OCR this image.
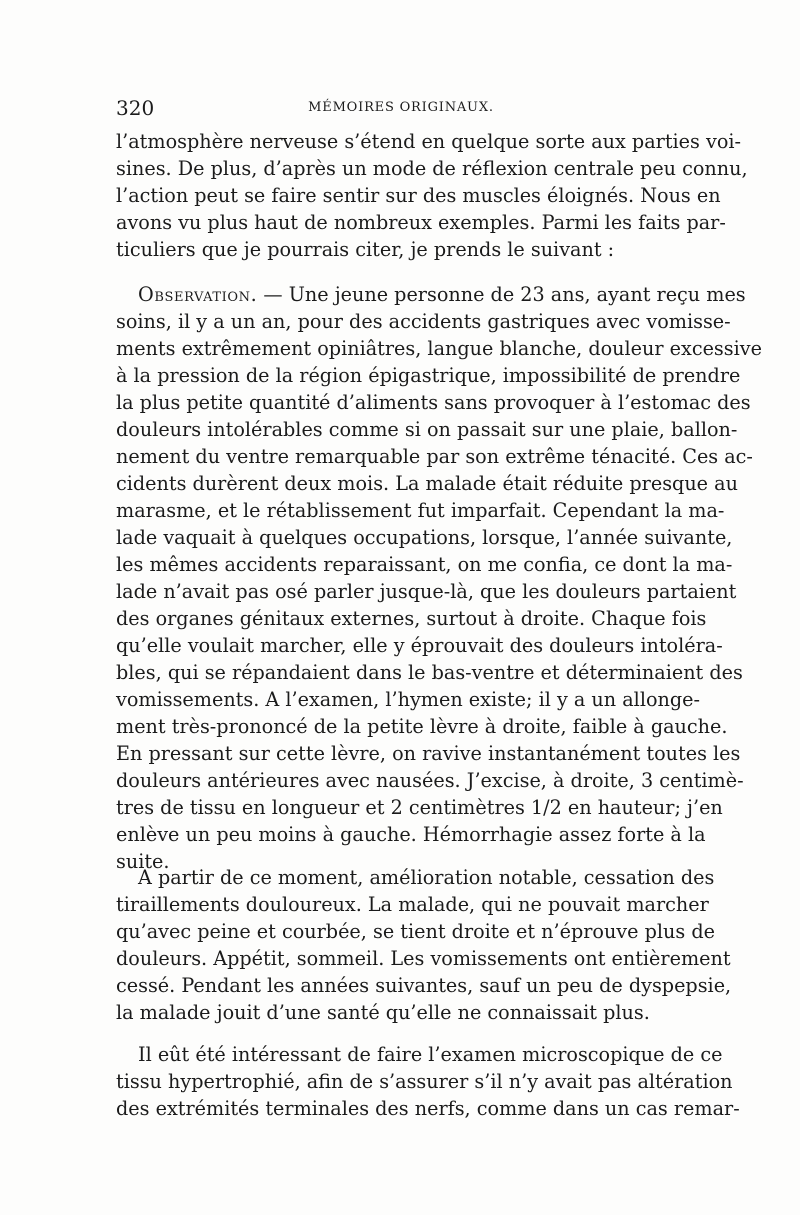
320	MÉMOIRES ORIGINAUX.
l’atmosphère nerveuse s’étend en quelque sorte aux parties voi-
sines. De plus, d’après un mode de réflexion centrale peu connu,
l’action peut se faire sentir sur des muscles éloignés. Nous en
avons vu plus haut de nombreux exemples. Parmi les faits par-
ticuliers que je pourrais citer, je prends le suivant :
Observation. — Une jeune personne de 23 ans, ayant reçu mes
soins, il y a un an, pour des accidents gastriques avec vomisse-
ments extrêmement opiniâtres, langue blanche, douleur excessive
à la pression de la région épigastrique, impossibilité de prendre
la plus petite quantité d’aliments sans provoquer à l’estomac des
douleurs intolérables comme si on passait sur une plaie, ballon-
nement du ventre remarquable par son extrême ténacité. Ces ac-
cidents durèrent deux mois. La malade était réduite presque au
marasme, et le rétablissement fut imparfait. Cependant la ma-
lade vaquait à quelques occupations, lorsque, l’année suivante,
les mêmes accidents reparaissant, on me confia, ce dont la ma-
lade n’avait pas osé parler jusque-là, que les douleurs partaient
des organes génitaux externes, surtout à droite. Chaque fois
qu’elle voulait marcher, elle y éprouvait des douleurs intoléra-
bles, qui se répandaient dans le bas-ventre et déterminaient des
vomissements. A l’examen, l’hymen existe; il y a un allonge-
ment très-prononcé de la petite lèvre à droite, faible à gauche.
En pressant sur cette lèvre, on ravive instantanément toutes les
douleurs antérieures avec nausées. J’excise, à droite, 3 centimè-
tres de tissu en longueur et 2 centimètres 1/2 en hauteur; j’en
enlève un peu moins à gauche. Hémorrhagie assez forte à la
suite.
A partir de ce moment, amélioration notable, cessation des
tiraillements douloureux. La malade, qui ne pouvait marcher
qu’avec peine et courbée, se tient droite et n’éprouve plus de
douleurs. Appétit, sommeil. Les vomissements ont entièrement
cessé. Pendant les années suivantes, sauf un peu de dyspepsie,
la malade jouit d’une santé qu’elle ne connaissait plus.
Il eût été intéressant de faire l’examen microscopique de ce
tissu hypertrophié, afin de s’assurer s’il n’y avait pas altération
des extrémités terminales des nerfs, comme dans un cas remar-
